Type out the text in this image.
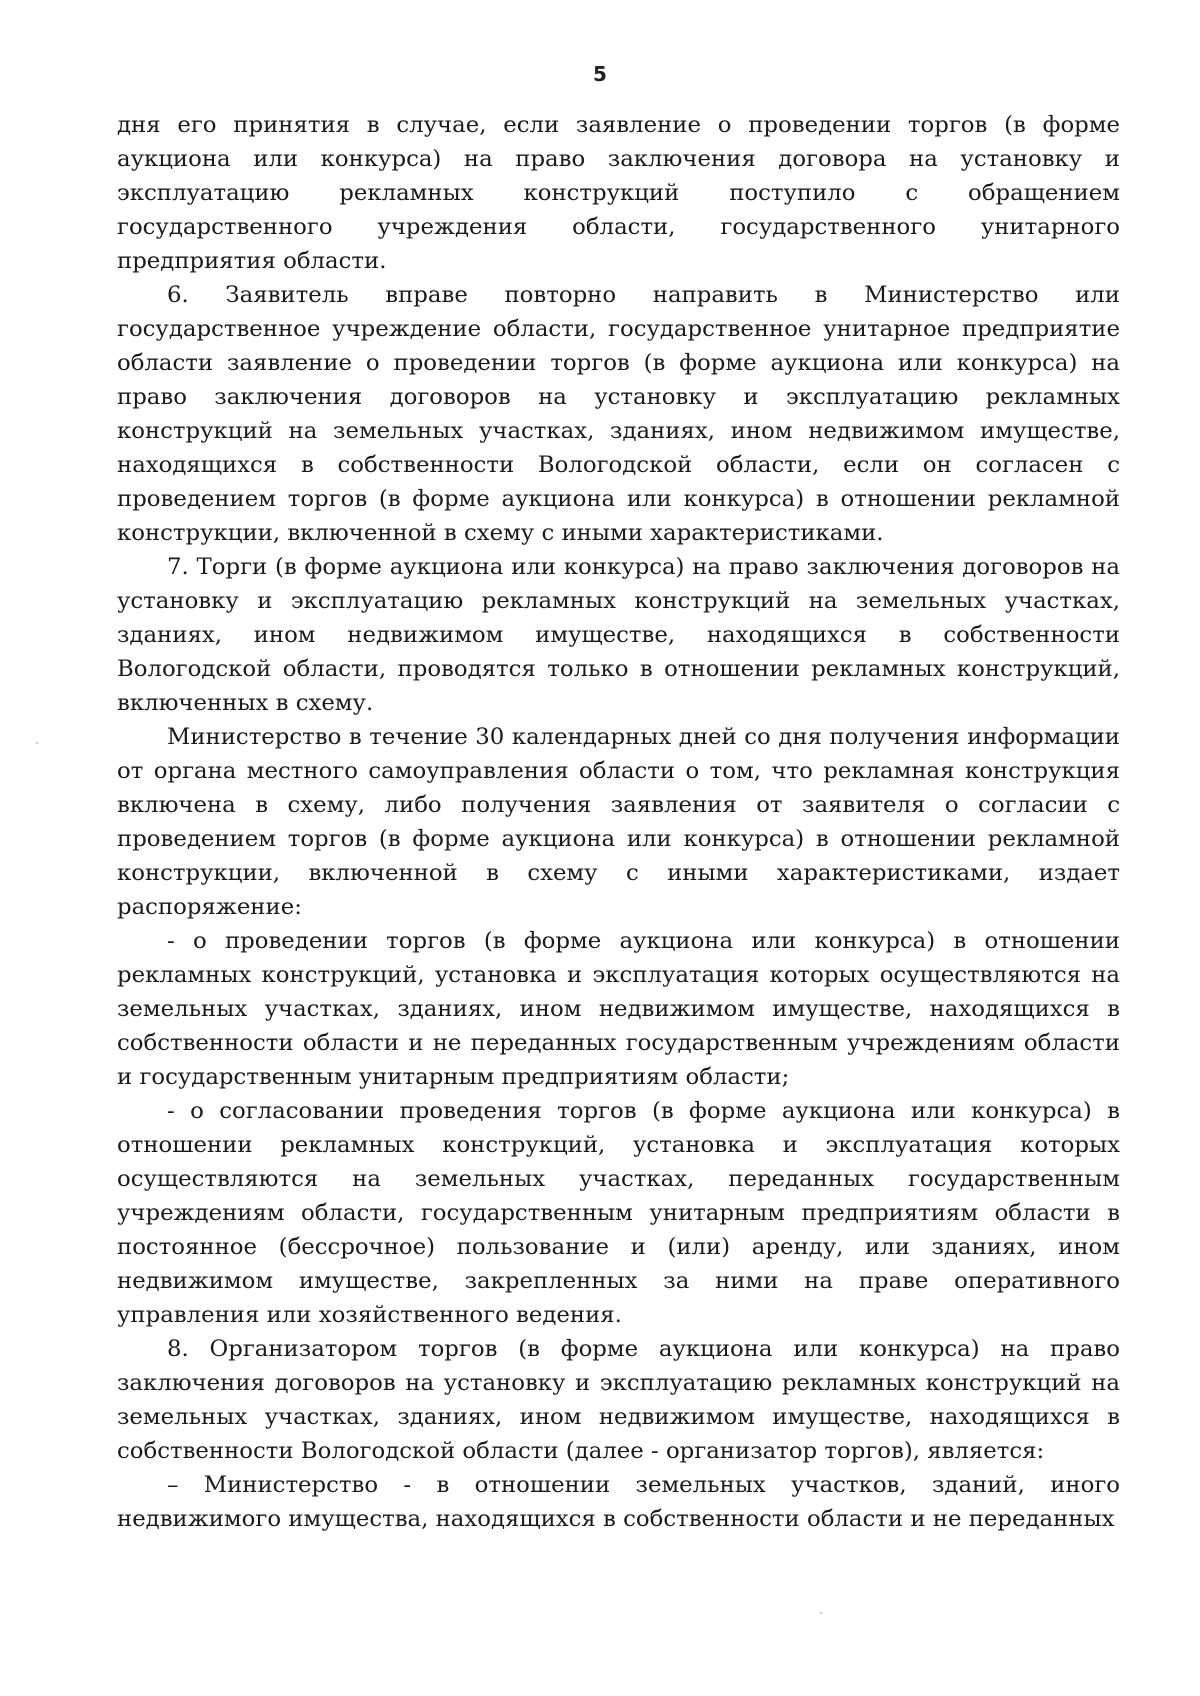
5

дня его принятия в случае, если заявление о проведении торгов (в форме аукциона или конкурса) на право заключения договора на установку и эксплуатацию рекламных конструкций поступило с обращением государственного учреждения области, государственного унитарного предприятия области.

6. Заявитель вправе повторно направить в Министерство или государственное учреждение области, государственное унитарное предприятие области заявление о проведении торгов (в форме аукциона или конкурса) на право заключения договоров на установку и эксплуатацию рекламных конструкций на земельных участках, зданиях, ином недвижимом имуществе, находящихся в собственности Вологодской области, если он согласен с проведением торгов (в форме аукциона или конкурса) в отношении рекламной конструкции, включенной в схему с иными характеристиками.

7. Торги (в форме аукциона или конкурса) на право заключения договоров на установку и эксплуатацию рекламных конструкций на земельных участках, зданиях, ином недвижимом имуществе, находящихся в собственности Вологодской области, проводятся только в отношении рекламных конструкций, включенных в схему.

Министерство в течение 30 календарных дней со дня получения информации от органа местного самоуправления области о том, что рекламная конструкция включена в схему, либо получения заявления от заявителя о согласии с проведением торгов (в форме аукциона или конкурса) в отношении рекламной конструкции, включенной в схему с иными характеристиками, издает распоряжение:

- о проведении торгов (в форме аукциона или конкурса) в отношении рекламных конструкций, установка и эксплуатация которых осуществляются на земельных участках, зданиях, ином недвижимом имуществе, находящихся в собственности области и не переданных государственным учреждениям области и государственным унитарным предприятиям области;

- о согласовании проведения торгов (в форме аукциона или конкурса) в отношении рекламных конструкций, установка и эксплуатация которых осуществляются на земельных участках, переданных государственным учреждениям области, государственным унитарным предприятиям области в постоянное (бессрочное) пользование и (или) аренду, или зданиях, ином недвижимом имуществе, закрепленных за ними на праве оперативного управления или хозяйственного ведения.

8. Организатором торгов (в форме аукциона или конкурса) на право заключения договоров на установку и эксплуатацию рекламных конструкций на земельных участках, зданиях, ином недвижимом имуществе, находящихся в собственности Вологодской области (далее - организатор торгов), является:

– Министерство - в отношении земельных участков, зданий, иного недвижимого имущества, находящихся в собственности области и не переданных
